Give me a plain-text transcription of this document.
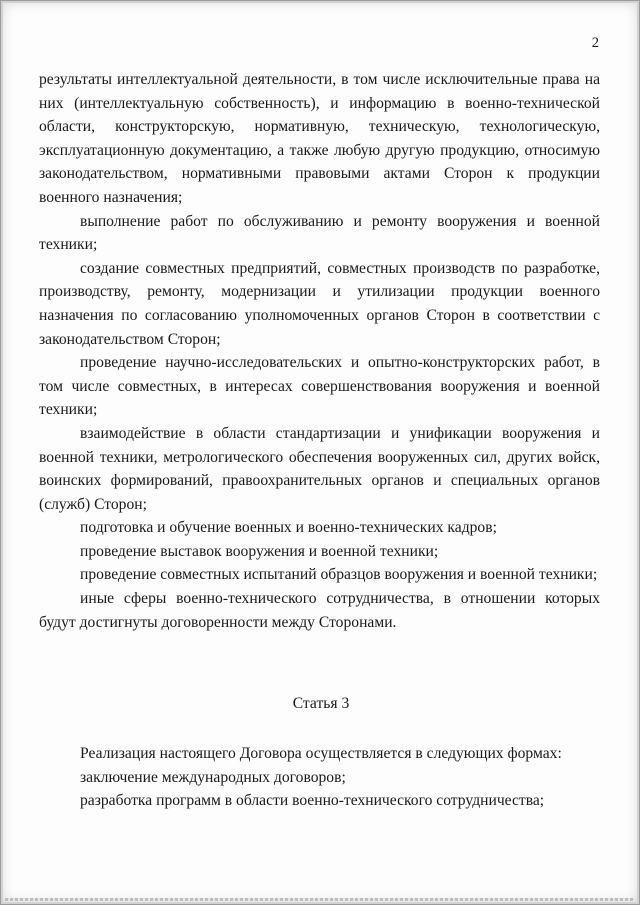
2

результаты интеллектуальной деятельности, в том числе исключительные права на них (интеллектуальную собственность), и информацию в военно-технической области, конструкторскую, нормативную, техническую, технологическую, эксплуатационную документацию, а также любую другую продукцию, относимую законодательством, нормативными правовыми актами Сторон к продукции военного назначения;

выполнение работ по обслуживанию и ремонту вооружения и военной техники;

создание совместных предприятий, совместных производств по разработке, производству, ремонту, модернизации и утилизации продукции военного назначения по согласованию уполномоченных органов Сторон в соответствии с законодательством Сторон;

проведение научно-исследовательских и опытно-конструкторских работ, в том числе совместных, в интересах совершенствования вооружения и военной техники;

взаимодействие в области стандартизации и унификации вооружения и военной техники, метрологического обеспечения вооруженных сил, других войск, воинских формирований, правоохранительных органов и специальных органов (служб) Сторон;

подготовка и обучение военных и военно-технических кадров;

проведение выставок вооружения и военной техники;

проведение совместных испытаний образцов вооружения и военной техники;

иные сферы военно-технического сотрудничества, в отношении которых будут достигнуты договоренности между Сторонами.

Статья 3

Реализация настоящего Договора осуществляется в следующих формах:

заключение международных договоров;

разработка программ в области военно-технического сотрудничества;
